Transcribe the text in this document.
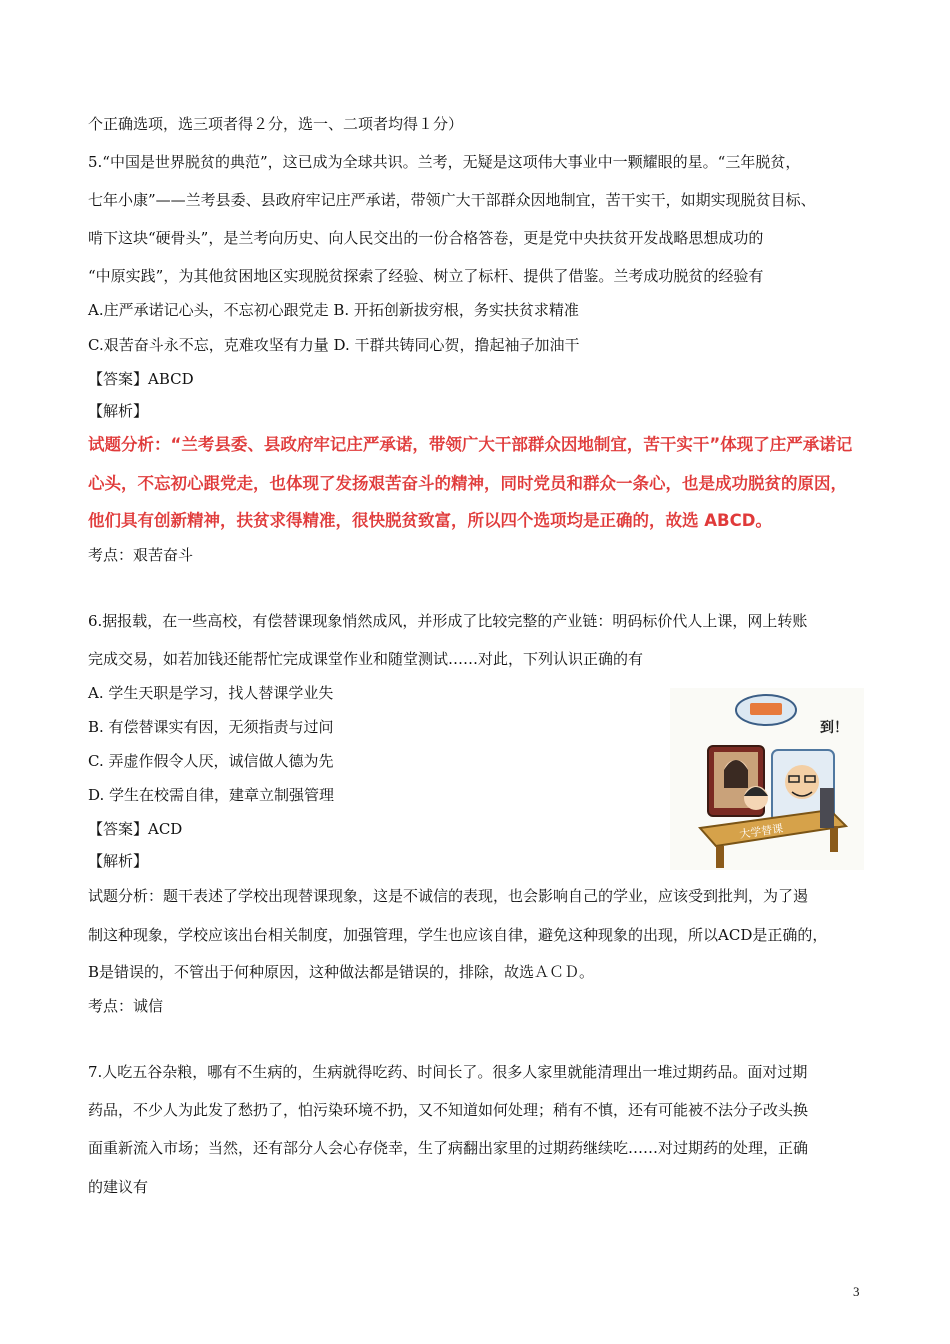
个正确选项，选三项者得２分，选一、二项者均得１分）
5.“中国是世界脱贫的典范”，这已成为全球共识。兰考，无疑是这项伟大事业中一颗耀眼的星。“三年脱贫，
七年小康”——兰考县委、县政府牢记庄严承诺，带领广大干部群众因地制宜，苦干实干，如期实现脱贫目标、
啃下这块“硬骨头”，是兰考向历史、向人民交出的一份合格答卷，更是党中央扶贫开发战略思想成功的
“中原实践”，为其他贫困地区实现脱贫探索了经验、树立了标杆、提供了借鉴。兰考成功脱贫的经验有
A.庄严承诺记心头，不忘初心跟党走 B. 开拓创新拔穷根，务实扶贫求精准
C.艰苦奋斗永不忘，克难攻坚有力量 D. 干群共铸同心贺，撸起袖子加油干
【答案】ABCD
【解析】
试题分析：“兰考县委、县政府牢记庄严承诺，带领广大干部群众因地制宜，苦干实干”体现了庄严承诺记
心头，不忘初心跟党走，也体现了发扬艰苦奋斗的精神，同时党员和群众一条心，也是成功脱贫的原因，
他们具有创新精神，扶贫求得精准，很快脱贫致富，所以四个选项均是正确的，故选 ABCD。
考点：艰苦奋斗
6.据报载，在一些高校，有偿替课现象悄然成风，并形成了比较完整的产业链：明码标价代人上课，网上转账
完成交易，如若加钱还能帮忙完成课堂作业和随堂测试……对此，下列认识正确的有
A. 学生天职是学习，找人替课学业失
B. 有偿替课实有因，无须指责与过问
C. 弄虚作假令人厌，诚信做人德为先
D. 学生在校需自律，建章立制强管理
【答案】ACD
【解析】
试题分析：题干表述了学校出现替课现象，这是不诚信的表现，也会影响自己的学业，应该受到批判，为了遏
制这种现象，学校应该出台相关制度，加强管理，学生也应该自律，避免这种现象的出现，所以ACD是正确的，
B是错误的，不管出于何种原因，这种做法都是错误的，排除，故选ＡＣＤ。
考点：诚信
7.人吃五谷杂粮，哪有不生病的，生病就得吃药、时间长了。很多人家里就能清理出一堆过期药品。面对过期
药品，不少人为此发了愁扔了，怕污染环境不扔，又不知道如何处理；稍有不慎，还有可能被不法分子改头换
面重新流入市场；当然，还有部分人会心存侥幸，生了病翻出家里的过期药继续吃……对过期药的处理，正确
的建议有
到！
大学替课
3
